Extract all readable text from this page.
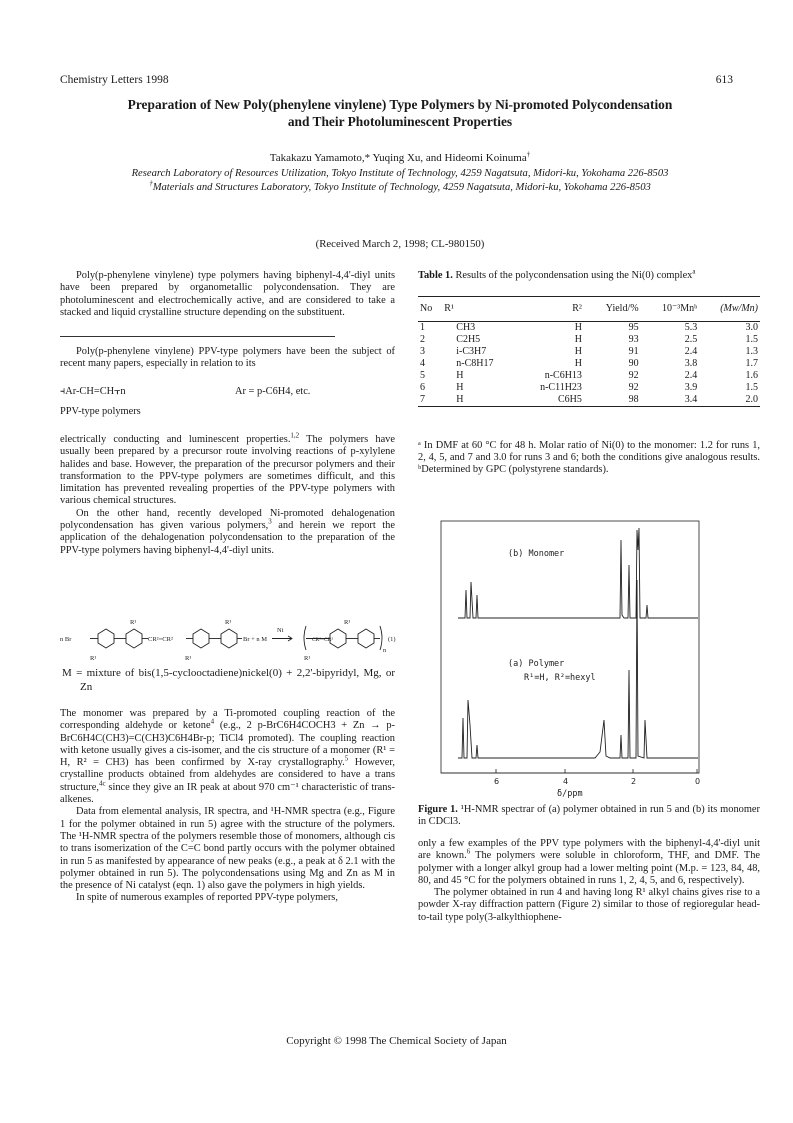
Chemistry Letters 1998	613
Preparation of New Poly(phenylene vinylene) Type Polymers by Ni-promoted Polycondensation
and Their Photoluminescent Properties
Takakazu Yamamoto,* Yuqing Xu, and Hideomi Koinuma†
Research Laboratory of Resources Utilization, Tokyo Institute of Technology, 4259 Nagatsuta, Midori-ku, Yokohama 226-8503
†Materials and Structures Laboratory, Tokyo Institute of Technology, 4259 Nagatsuta, Midori-ku, Yokohama 226-8503
(Received March 2, 1998; CL-980150)

Poly(p-phenylene vinylene) type polymers having biphenyl-4,4'-diyl units have been prepared by organometallic polycondensation. They are photoluminescent and electrochemically active, and are considered to take a stacked and liquid crystalline structure depending on the substituent.

Poly(p-phenylene vinylene) PPV-type polymers have been the subject of recent many papers, especially in relation to its

⫞Ar-CH=CH⫟n	Ar = p-C6H4, etc.
PPV-type polymers

electrically conducting and luminescent properties.$^{1,2}$ The polymers have usually been prepared by a precursor route involving reactions of p-xylylene halides and base. However, the preparation of the precursor polymers and their transformation to the PPV-type polymers are sometimes difficult, and this limitation has prevented revealing properties of the PPV-type polymers with various chemical structures.

On the other hand, recently developed Ni-promoted dehalogenation polycondensation has given various polymers,$^3$ and herein we report the application of the dehalogenation polycondensation to the preparation of the PPV-type polymers having biphenyl-4,4'-diyl units.

n Br	CR²=CR²	Br + n M
Ni
CR²=CR²
n
(1)
R¹
R¹
R¹
R¹
R¹
R¹
M = mixture of bis(1,5-cyclooctadiene)nickel(0) + 2,2'-bipyridyl, Mg, or Zn

The monomer was prepared by a Ti-promoted coupling reaction of the corresponding aldehyde or ketone$^4$ (e.g., 2 p-BrC6H4COCH3 + Zn → p-BrC6H4C(CH3)=C(CH3)C6H4Br-p; TiCl4 promoted). The coupling reaction with ketone usually gives a cis-isomer, and the cis structure of a monomer (R¹ = H, R² = CH3) has been confirmed by X-ray crystallography.$^5$ However, crystalline products obtained from aldehydes are considered to have a trans structure,$^{4c}$ since they give an IR peak at about 970 cm⁻¹ characteristic of trans-alkenes.

Data from elemental analysis, IR spectra, and ¹H-NMR spectra (e.g., Figure 1 for the polymer obtained in run 5) agree with the structure of the polymers. The ¹H-NMR spectra of the polymers resemble those of monomers, although cis to trans isomerization of the C=C bond partly occurs with the polymer obtained in run 5 as manifested by appearance of new peaks (e.g., a peak at δ 2.1 with the polymer obtained in run 5). The polycondensations using Mg and Zn as M in the presence of Ni catalyst (eqn. 1) also gave the polymers in high yields.

In spite of numerous examples of reported PPV-type polymers,

Table 1. Results of the polycondensation using the Ni(0) complex$^a$
No	R¹	R²	Yield/%	10⁻³Mnᵇ	(Mw/Mn)
1	CH3	H	95	5.3	3.0
2	C2H5	H	93	2.5	1.5
3	i-C3H7	H	91	2.4	1.3
4	n-C8H17	H	90	3.8	1.7
5	H	n-C6H13	92	2.4	1.6
6	H	n-C11H23	92	3.9	1.5
7	H	C6H5	98	3.4	2.0
ᵃ In DMF at 60 °C for 48 h. Molar ratio of Ni(0) to the monomer: 1.2 for runs 1, 2, 4, 5, and 7 and 3.0 for runs 3 and 6; both the conditions give analogous results. ᵇDetermined by GPC (polystyrene standards).
(b) Monomer
(a) Polymer
R¹=H, R²=hexyl
δ/ppm
6	4	2	0
Figure 1. ¹H-NMR spectrar of (a) polymer obtained in run 5 and (b) its monomer in CDCl3.

only a few examples of the PPV type polymers with the biphenyl-4,4'-diyl unit are known.$^6$ The polymers were soluble in chloroform, THF, and DMF. The polymer with a longer alkyl group had a lower melting point (M.p. = 123, 84, 48, 80, and 45 °C for the polymers obtained in runs 1, 2, 4, 5, and 6, respectively).

The polymer obtained in run 4 and having long R¹ alkyl chains gives rise to a powder X-ray diffraction pattern (Figure 2) similar to those of regioregular head-to-tail type poly(3-alkylthiophene-

Copyright © 1998 The Chemical Society of Japan
